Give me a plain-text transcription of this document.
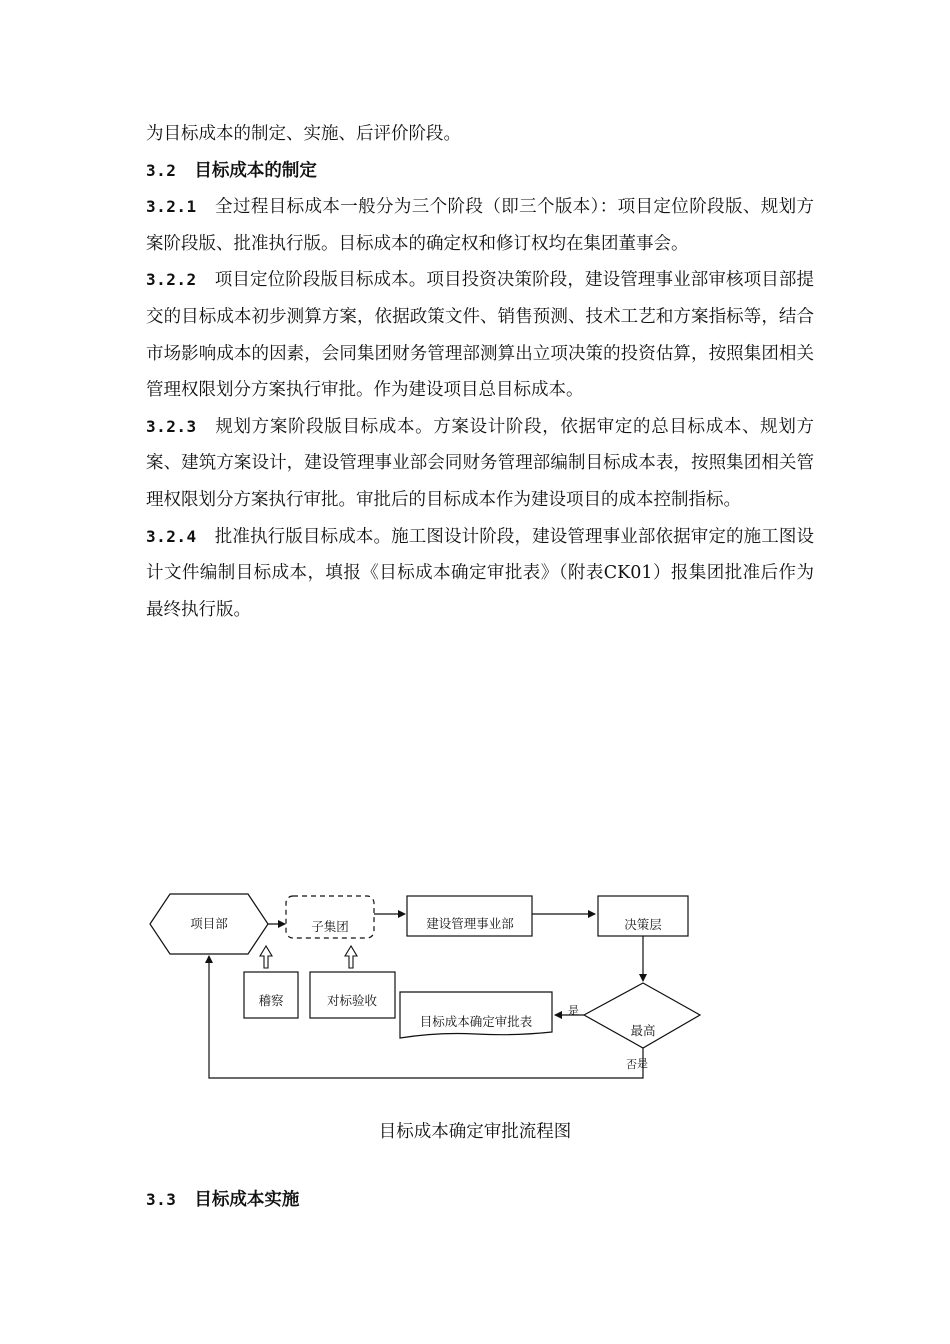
为目标成本的制定、实施、后评价阶段。

3.2 目标成本的制定

3.2.1 全过程目标成本一般分为三个阶段（即三个版本）：项目定位阶段版、规划方案阶段版、批准执行版。目标成本的确定权和修订权均在集团董事会。

3.2.2 项目定位阶段版目标成本。项目投资决策阶段，建设管理事业部审核项目部提交的目标成本初步测算方案，依据政策文件、销售预测、技术工艺和方案指标等，结合市场影响成本的因素，会同集团财务管理部测算出立项决策的投资估算，按照集团相关管理权限划分方案执行审批。作为建设项目总目标成本。

3.2.3 规划方案阶段版目标成本。方案设计阶段，依据审定的总目标成本、规划方案、建筑方案设计，建设管理事业部会同财务管理部编制目标成本表，按照集团相关管理权限划分方案执行审批。审批后的目标成本作为建设项目的成本控制指标。

3.2.4 批准执行版目标成本。施工图设计阶段，建设管理事业部依据审定的施工图设计文件编制目标成本，填报《目标成本确定审批表》（附表CK01）报集团批准后作为最终执行版。

项目部	子集团	建设管理事业部	决策层
最高
是
目标成本确定审批表
否 是
稽察	对标验收
目标成本确定审批流程图
3.3 目标成本实施
